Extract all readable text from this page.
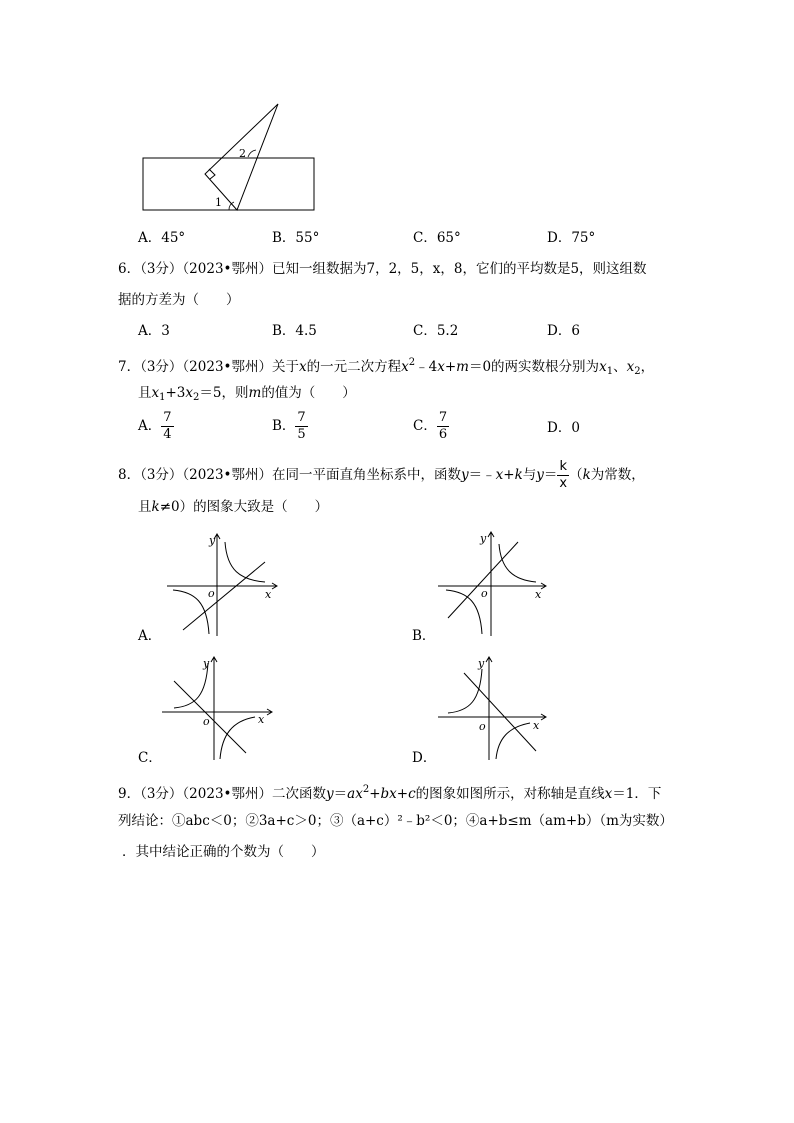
1
2
A．45°	B．55°	C．65°	D．75°
6．（3分）（2023•鄂州）已知一组数据为7，2，5，x，8，它们的平均数是5，则这组数
据的方差为（　　）
A．3	B．4.5	C．5.2	D．6
7．（3分）（2023•鄂州）关于x的一元二次方程$x^2﹣4x+m=0$的两实数根分别为$x_1$、$x_2$，
且$x_1+3x_2=5$，则m的值为（　　）
A． $\frac{7}{4}$	B． $\frac{7}{5}$	C． $\frac{7}{6}$	D．0
8．（3分）（2023•鄂州）在同一平面直角坐标系中，函数y＝﹣x+k与$y= \frac{k}{x} (k$为常数，
且k≠0）的图象大致是（　　）
x
y
o
A．
x
y
o
B．
x
y
o
C．
x
y
o
D．
9．（3分）（2023•鄂州）二次函数$y=ax^2+bx+c$的图象如图所示，对称轴是直线x＝1．下
列结论：①abc＜0；②3a+c＞0；③（a+c）²﹣b²＜0；④a+b≤m（am+b）（m为实数）
．其中结论正确的个数为（　　）
